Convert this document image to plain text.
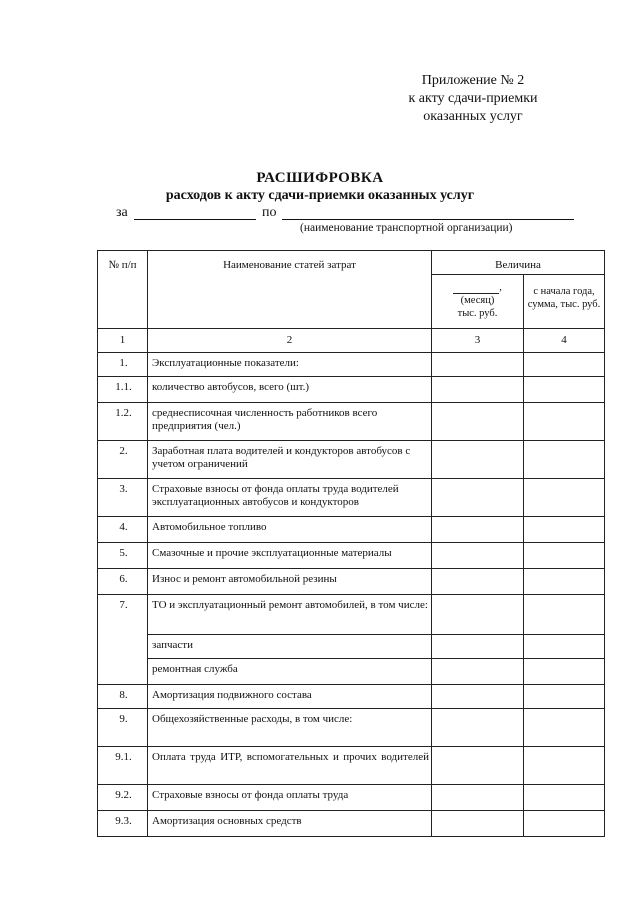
Приложение № 2
к акту сдачи-приемки
оказанных услуг
РАСШИФРОВКА
расходов к акту сдачи-приемки оказанных услуг
за	по
(наименование транспортной организации)
№ п/п	Наименование статей затрат	Величина	

		,
(месяц)
тыс. руб.	с начала года, сумма, тыс. руб.
1	2	3	4
1.	Эксплуатационные показатели:		
1.1.	количество автобусов, всего (шт.)		
1.2.	среднесписочная численность работников всего предприятия (чел.)		
2.	Заработная плата водителей и кондукторов автобусов с учетом ограничений		
3.	Страховые взносы от фонда оплаты труда водителей эксплуатационных автобусов и кондукторов		
4.	Автомобильное топливо		
5.	Смазочные и прочие эксплуатационные материалы		
6.	Износ и ремонт автомобильной резины		
7.	ТО и эксплуатационный ремонт автомобилей, в том числе:		
	запчасти		
	ремонтная служба		
8.	Амортизация подвижного состава		
9.	Общехозяйственные расходы, в том числе:		
9.1.	Оплата труда ИТР, вспомогательных и прочих водителей		

9.2.	Страховые взносы от фонда оплаты труда		
9.3.	Амортизация основных средств		
